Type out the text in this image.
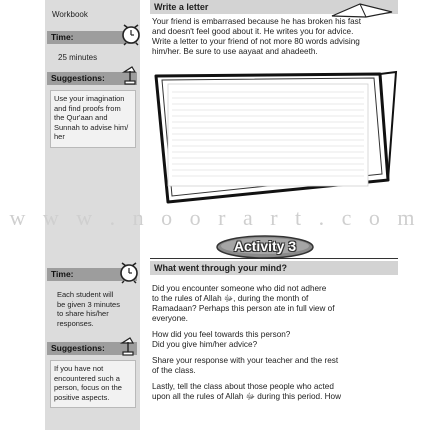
Workbook
Time:
25 minutes
Suggestions:
Use your imagination
and find proofs from
the Qur'aan and
Sunnah to advise him/
her
Time:
Each student will
be given 3 minutes
to share his/her
responses.
Suggestions:
If you have not
encountered such a
person, focus on the
positive aspects.
Write a letter
Your friend is embarrased because he has broken his fast
and doesn't feel good about it. He writes you for advice.
Write a letter to your friend of not more 80 words advising
him/her. Be sure to use aayaat and ahadeeth.
w w w . n o o r a r t . c o m
Activity 3
What went through your mind?
Did you encounter someone who did not adhere
to the rules of Allah ﷻ, during the month of
Ramadaan? Perhaps this person ate in full view of
everyone.
How did you feel towards this person?
Did you give him/her advice?
Share your response with your teacher and the rest
of the class.
Lastly, tell the class about those people who acted
upon all the rules of Allah ﷻ during this period. How
